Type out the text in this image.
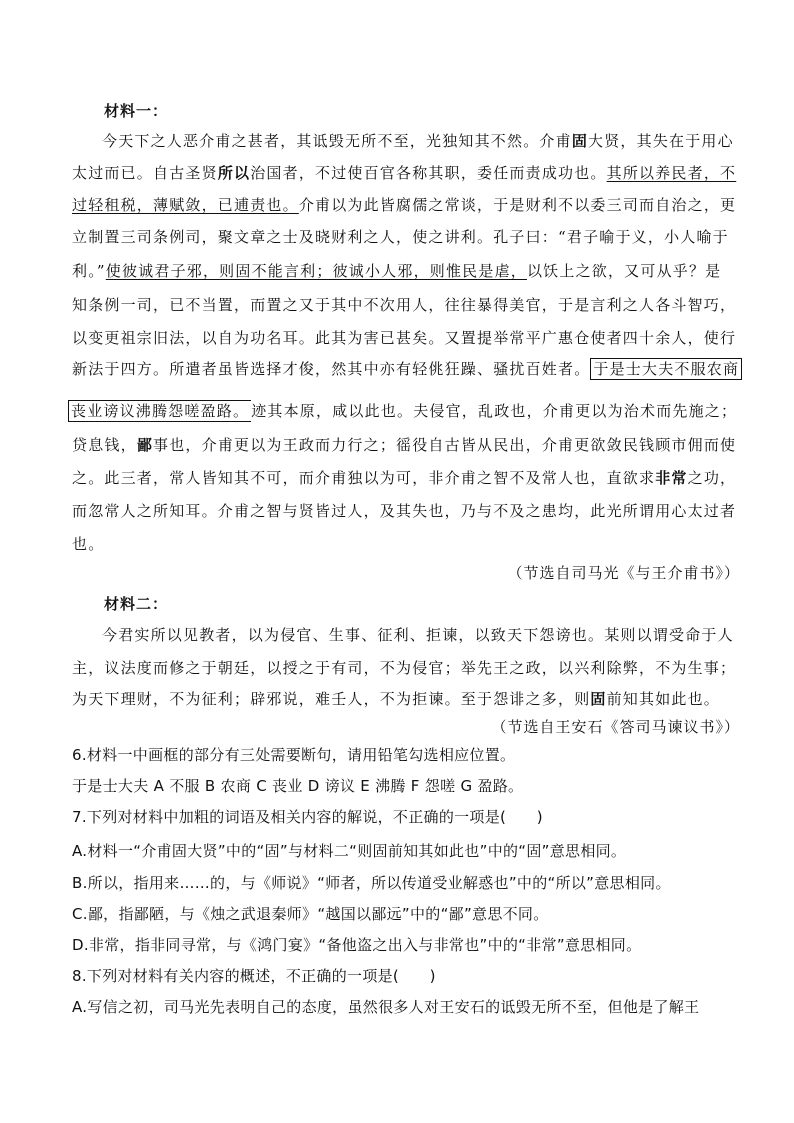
材料一：
今天下之人恶介甫之甚者，其诋毁无所不至，光独知其不然。介甫固大贤，其失在于用心
太过而已。自古圣贤所以治国者，不过使百官各称其职，委任而责成功也。其所以养民者，不
过轻租税，薄赋敛，已逋责也。介甫以为此皆腐儒之常谈，于是财利不以委三司而自治之，更
立制置三司条例司，聚文章之士及晓财利之人，使之讲利。孔子曰：“君子喻于义，小人喻于
利。”使彼诚君子邪，则固不能言利；彼诚小人邪，则惟民是虐，以饫上之欲，又可从乎？是
知条例一司，已不当置，而置之又于其中不次用人，往往暴得美官，于是言利之人各斗智巧，
以变更祖宗旧法，以自为功名耳。此其为害已甚矣。又置提举常平广惠仓使者四十余人，使行
新法于四方。所遣者虽皆选择才俊，然其中亦有轻佻狂躁、骚扰百姓者。 于是士大夫不服农商
丧业谤议沸腾怨嗟盈路。 迹其本原，咸以此也。夫侵官，乱政也，介甫更以为治术而先施之；
贷息钱，鄙事也，介甫更以为王政而力行之；徭役自古皆从民出，介甫更欲敛民钱顾市佣而使
之。此三者，常人皆知其不可，而介甫独以为可，非介甫之智不及常人也，直欲求非常之功，
而忽常人之所知耳。介甫之智与贤皆过人，及其失也，乃与不及之患均，此光所谓用心太过者
也。
（节选自司马光《与王介甫书》）
材料二：
今君实所以见教者，以为侵官、生事、征利、拒谏，以致天下怨谤也。某则以谓受命于人
主，议法度而修之于朝廷，以授之于有司，不为侵官；举先王之政，以兴利除弊，不为生事；
为天下理财，不为征利；辟邪说，难壬人，不为拒谏。至于怨诽之多，则固前知其如此也。
（节选自王安石《答司马谏议书》）
6.材料一中画框的部分有三处需要断句，请用铅笔勾选相应位置。
于是士大夫 A 不服 B 农商 C 丧业 D 谤议 E 沸腾 F 怨嗟 G 盈路。
7.下列对材料中加粗的词语及相关内容的解说，不正确的一项是(　　)
A.材料一“介甫固大贤”中的“固”与材料二“则固前知其如此也”中的“固”意思相同。
B.所以，指用来……的，与《师说》“师者，所以传道受业解惑也”中的“所以”意思相同。
C.鄙，指鄙陋，与《烛之武退秦师》“越国以鄙远”中的“鄙”意思不同。
D.非常，指非同寻常，与《鸿门宴》“备他盗之出入与非常也”中的“非常”意思相同。
8.下列对材料有关内容的概述，不正确的一项是(　　)
A.写信之初，司马光先表明自己的态度，虽然很多人对王安石的诋毁无所不至，但他是了解王
